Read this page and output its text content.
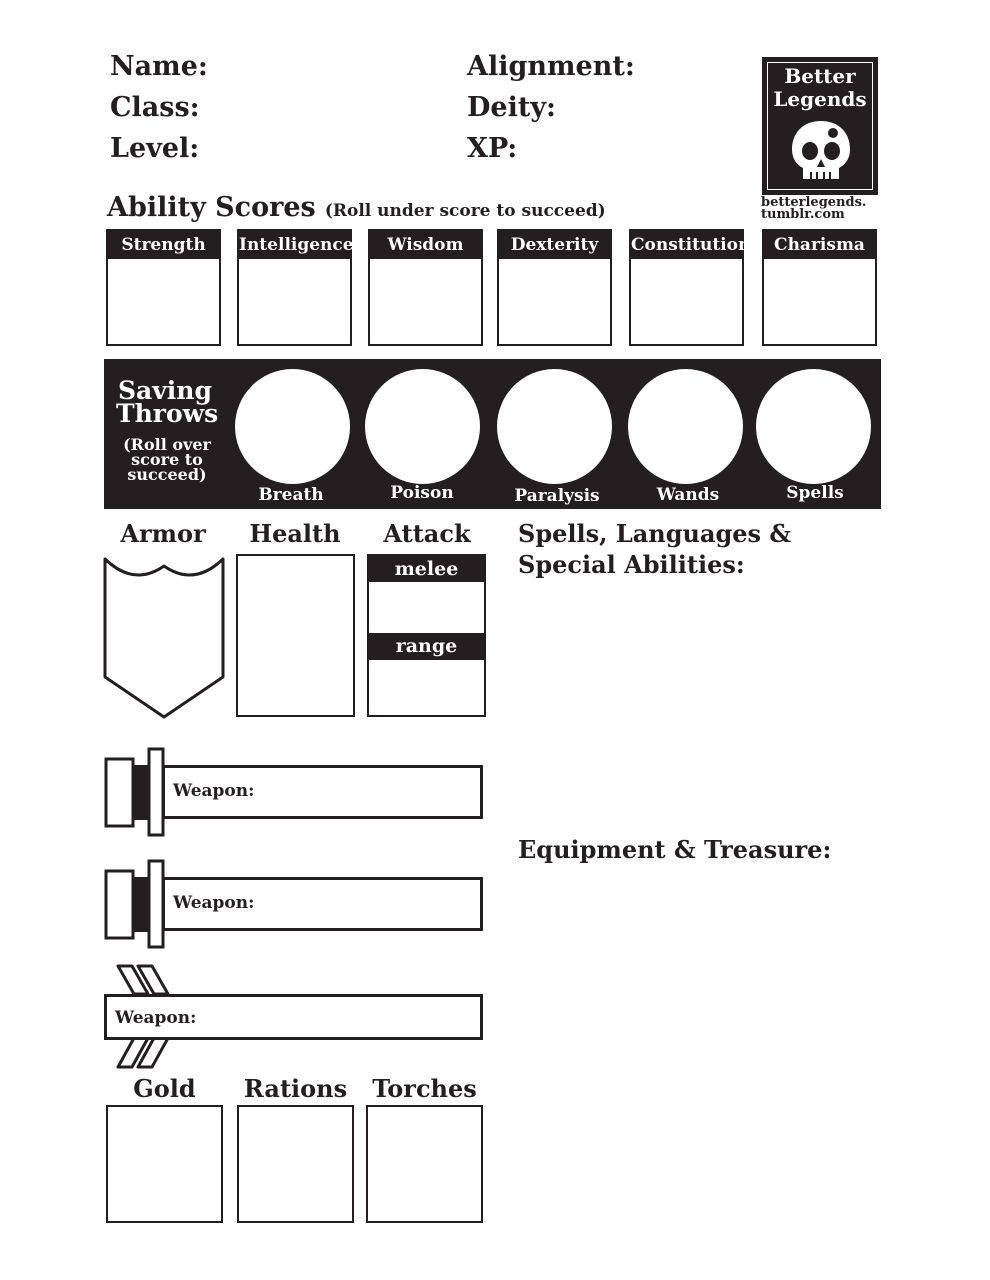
Name:
Class:
Level:
Alignment:
Deity:
XP:
Better
Legends
betterlegends.
tumblr.com
Ability Scores (Roll under score to succeed)
Strength	Intelligence	Wisdom	Dexterity	Constitution	Charisma
Saving
Throws
(Roll over
score to
succeed)
Breath	Poison	Paralysis	Wands	Spells
Armor	Health	Attack
melee
range
Spells, Languages &
Special Abilities:
Equipment & Treasure:
Weapon:
Weapon:
Weapon:
Gold	Rations Torches
